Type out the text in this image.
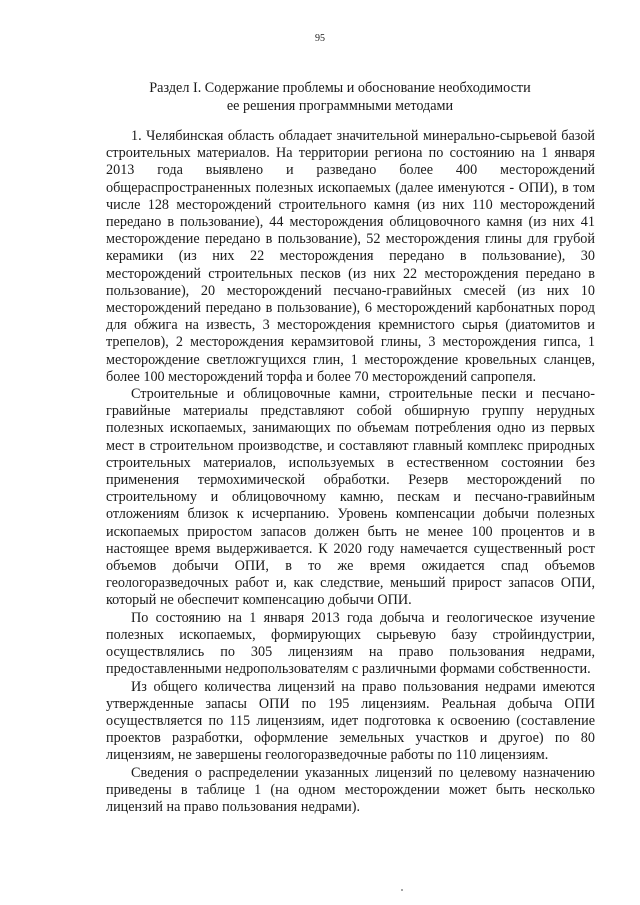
95
Раздел I. Содержание проблемы и обоснование необходимости
ее решения программными методами

1. Челябинская область обладает значительной минерально-сырьевой базой строительных материалов. На территории региона по состоянию на 1 января 2013 года выявлено и разведано более 400 месторождений общераспространенных полезных ископаемых (далее именуются - ОПИ), в том числе 128 месторождений строительного камня (из них 110 месторождений передано в пользование), 44 месторождения облицовочного камня (из них 41 месторождение передано в пользование), 52 месторождения глины для грубой керамики (из них 22 месторождения передано в пользование), 30 месторождений строительных песков (из них 22 месторождения передано в пользование), 20 месторождений песчано-гравийных смесей (из них 10 месторождений передано в пользование), 6 месторождений карбонатных пород для обжига на известь, 3 месторождения кремнистого сырья (диатомитов и трепелов), 2 месторождения керамзитовой глины, 3 месторождения гипса, 1 месторождение светложгущихся глин, 1 месторождение кровельных сланцев, более 100 месторождений торфа и более 70 месторождений сапропеля.

Строительные и облицовочные камни, строительные пески и песчано-гравийные материалы представляют собой обширную группу нерудных полезных ископаемых, занимающих по объемам потребления одно из первых мест в строительном производстве, и составляют главный комплекс природных строительных материалов, используемых в естественном состоянии без применения термохимической обработки. Резерв месторождений по строительному и облицовочному камню, пескам и песчано-гравийным отложениям близок к исчерпанию. Уровень компенсации добычи полезных ископаемых приростом запасов должен быть не менее 100 процентов и в настоящее время выдерживается. К 2020 году намечается существенный рост объемов добычи ОПИ, в то же время ожидается спад объемов геологоразведочных работ и, как следствие, меньший прирост запасов ОПИ, который не обеспечит компенсацию добычи ОПИ.

По состоянию на 1 января 2013 года добыча и геологическое изучение полезных ископаемых, формирующих сырьевую базу стройиндустрии, осуществлялись по 305 лицензиям на право пользования недрами, предоставленными недропользователям с различными формами собственности.

Из общего количества лицензий на право пользования недрами имеются утвержденные запасы ОПИ по 195 лицензиям. Реальная добыча ОПИ осуществляется по 115 лицензиям, идет подготовка к освоению (составление проектов разработки, оформление земельных участков и другое) по 80 лицензиям, не завершены геологоразведочные работы по 110 лицензиям.

Сведения о распределении указанных лицензий по целевому назначению приведены в таблице 1 (на одном месторождении может быть несколько лицензий на право пользования недрами).
